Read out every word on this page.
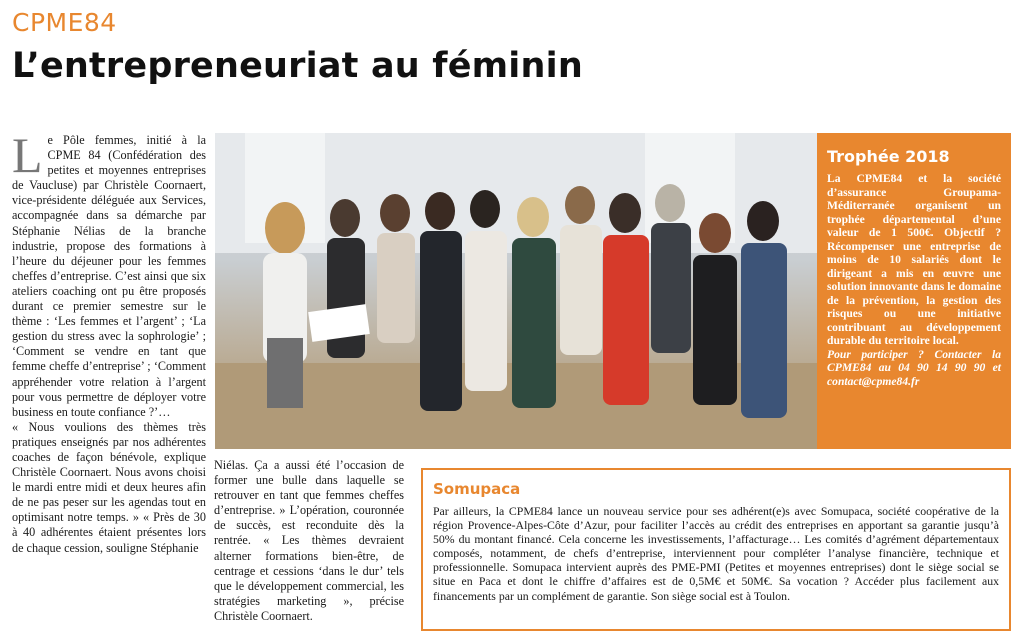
CPME84
L’entrepreneuriat au féminin
L e Pôle femmes, initié à la CPME 84 (Confédération des petites et moyennes entreprises de Vaucluse) par Christèle Coornaert, vice-présidente déléguée aux Services, accompagnée dans sa démarche par Stéphanie Nélias de la branche industrie, propose des formations à l’heure du déjeuner pour les femmes cheffes d’entreprise. C’est ainsi que six ateliers coaching ont pu être proposés durant ce premier semestre sur le thème : ‘Les femmes et l’argent’ ; ‘La gestion du stress avec la sophrologie’ ; ‘Comment se vendre en tant que femme cheffe d’entreprise’ ; ‘Comment appréhender votre relation à l’argent pour vous permettre de déployer votre business en toute confiance ?’…

« Nous voulions des thèmes très pratiques enseignés par nos adhérentes coaches de façon bénévole, explique Christèle Coornaert. Nous avons choisi le mardi entre midi et deux heures afin de ne pas peser sur les agendas tout en optimisant notre temps. » « Près de 30 à 40 adhérentes étaient présentes lors de chaque cession, souligne Stéphanie

Trophée 2018

La CPME84 et la société d’assurance Groupama-Méditerranée organisent un trophée départemental d’une valeur de 1 500€. Objectif ? Récompenser une entreprise de moins de 10 salariés dont le dirigeant a mis en œuvre une solution innovante dans le domaine de la prévention, la gestion des risques ou une initiative contribuant au développement durable du territoire local.

Pour participer ? Contacter la CPME84 au 04 90 14 90 90 et contact@cpme84.fr

Niélas. Ça a aussi été l’occasion de former une bulle dans laquelle se retrouver en tant que femmes cheffes d’entreprise. » L’opération, couronnée de succès, est reconduite dès la rentrée. « Les thèmes devraient alterner formations bien-être, de centrage et cessions ‘dans le dur’ tels que le développement commercial, les stratégies marketing », précise Christèle Coornaert.

Somupaca

Par ailleurs, la CPME84 lance un nouveau service pour ses adhérent(e)s avec Somupaca, société coopérative de la région Provence-Alpes-Côte d’Azur, pour faciliter l’accès au crédit des entreprises en apportant sa garantie jusqu’à 50% du montant financé. Cela concerne les investissements, l’affacturage… Les comités d’agrément départementaux composés, notamment, de chefs d’entreprise, interviennent pour compléter l’analyse financière, technique et professionnelle. Somupaca intervient auprès des PME-PMI (Petites et moyennes entreprises) dont le siège social se situe en Paca et dont le chiffre d’affaires est de 0,5M€ et 50M€. Sa vocation ? Accéder plus facilement aux financements par un complément de garantie. Son siège social est à Toulon.
